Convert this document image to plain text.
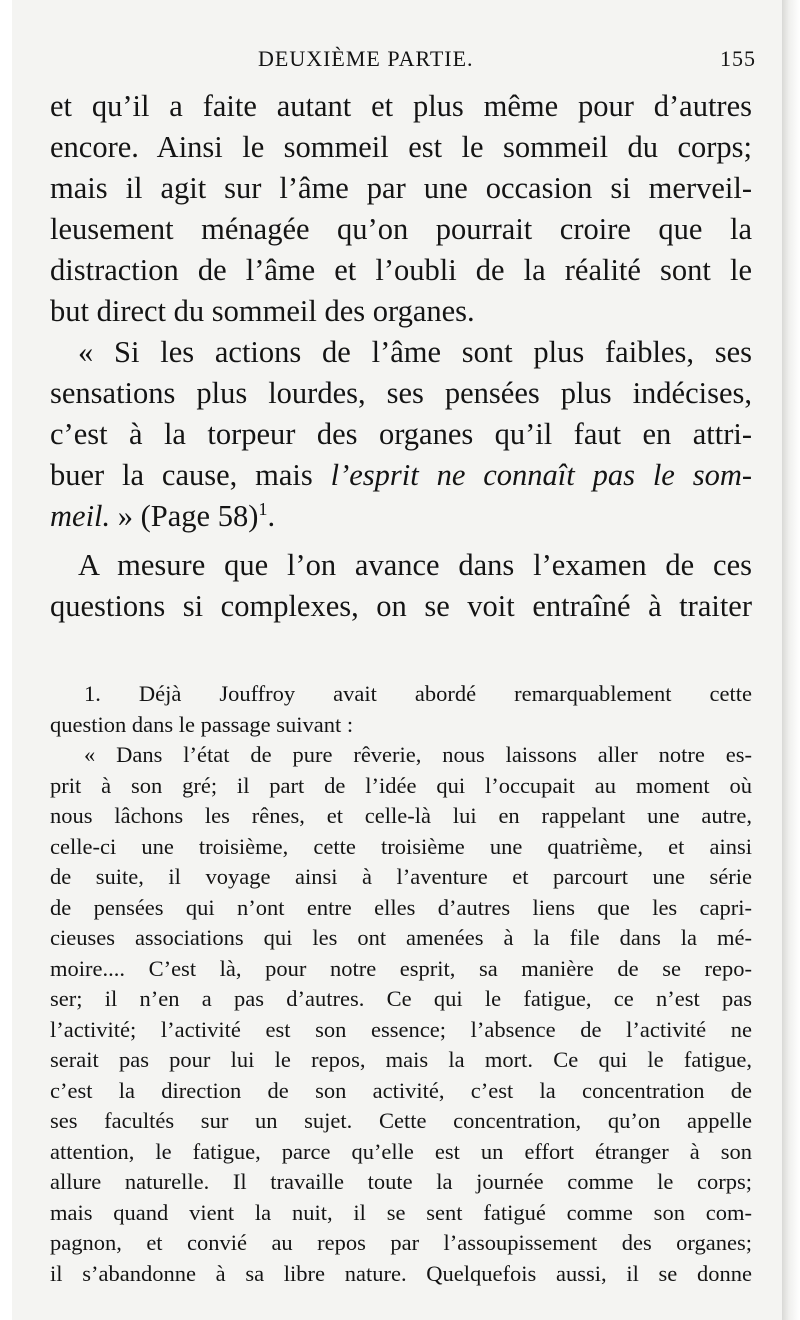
DEUXIÈME PARTIE.	155
et qu’il a faite autant et plus même pour d’autres
encore. Ainsi le sommeil est le sommeil du corps;
mais il agit sur l’âme par une occasion si merveil-
leusement ménagée qu’on pourrait croire que la
distraction de l’âme et l’oubli de la réalité sont le
but direct du sommeil des organes.
« Si les actions de l’âme sont plus faibles, ses
sensations plus lourdes, ses pensées plus indécises,
c’est à la torpeur des organes qu’il faut en attri-
buer la cause, mais l’esprit ne connaît pas le som-
meil. » (Page 58)$^1$.
A mesure que l’on avance dans l’examen de ces
questions si complexes, on se voit entraîné à traiter
1. Déjà Jouffroy avait abordé remarquablement cette
question dans le passage suivant :
« Dans l’état de pure rêverie, nous laissons aller notre es-
prit à son gré; il part de l’idée qui l’occupait au moment où
nous lâchons les rênes, et celle-là lui en rappelant une autre,
celle-ci une troisième, cette troisième une quatrième, et ainsi
de suite, il voyage ainsi à l’aventure et parcourt une série
de pensées qui n’ont entre elles d’autres liens que les capri-
cieuses associations qui les ont amenées à la file dans la mé-
moire.... C’est là, pour notre esprit, sa manière de se repo-
ser; il n’en a pas d’autres. Ce qui le fatigue, ce n’est pas
l’activité; l’activité est son essence; l’absence de l’activité ne
serait pas pour lui le repos, mais la mort. Ce qui le fatigue,
c’est la direction de son activité, c’est la concentration de
ses facultés sur un sujet. Cette concentration, qu’on appelle
attention, le fatigue, parce qu’elle est un effort étranger à son
allure naturelle. Il travaille toute la journée comme le corps;
mais quand vient la nuit, il se sent fatigué comme son com-
pagnon, et convié au repos par l’assoupissement des organes;
il s’abandonne à sa libre nature. Quelquefois aussi, il se donne
